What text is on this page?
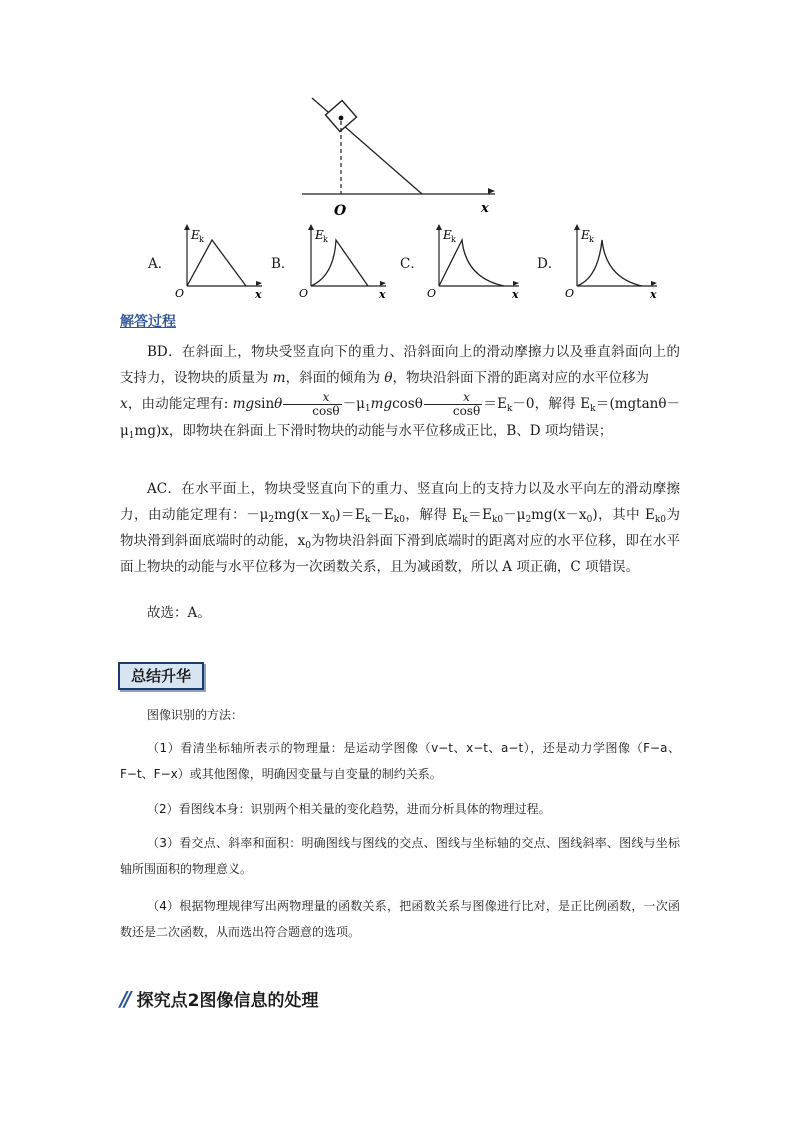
O	x
A．	B．	C．	D．
E k
O	x
E k
O	x
E k
O	x
E k
O	x
解答过程
BD．在斜面上，物块受竖直向下的重力、沿斜面向上的滑动摩擦力以及垂直斜面向上的支持力，设物块的质量为 m，斜面的倾角为 θ，物块沿斜面下滑的距离对应的水平位移为
x，由动能定理有: mgsinθ $\frac{x}{\cos\theta} -\mu_1mgcos\theta \frac{x}{\cos\theta} =E_k-0$，解得 $E_k=(mgtan\theta-\mu_1mg)x$，即物块在斜面上下滑时物块的动能与水平位移成正比，B、D 项均错误；
AC．在水平面上，物块受竖直向下的重力、竖直向上的支持力以及水平向左的滑动摩擦力，由动能定理有：$-\mu_2mg(x-x_0)=E_k-E_{k0}$，解得 $E_k=E_{k0}-\mu_2mg(x-x_0)$，其中 $E_{k0}$为物块滑到斜面底端时的动能，$x_0$为物块沿斜面下滑到底端时的距离对应的水平位移，即在水平面上物块的动能与水平位移为一次函数关系，且为减函数，所以 A 项正确，C 项错误。
故选：A。
总结升华
图像识别的方法：
（1）看清坐标轴所表示的物理量：是运动学图像（v−t、x−t、a−t），还是动力学图像（F−a、F−t、F−x）或其他图像，明确因变量与自变量的制约关系。
（2）看图线本身：识别两个相关量的变化趋势，进而分析具体的物理过程。
（3）看交点、斜率和面积：明确图线与图线的交点、图线与坐标轴的交点、图线斜率、图线与坐标轴所围面积的物理意义。
（4）根据物理规律写出两物理量的函数关系，把函数关系与图像进行比对，是正比例函数，一次函数还是二次函数，从而选出符合题意的选项。
// 探究点2图像信息的处理
